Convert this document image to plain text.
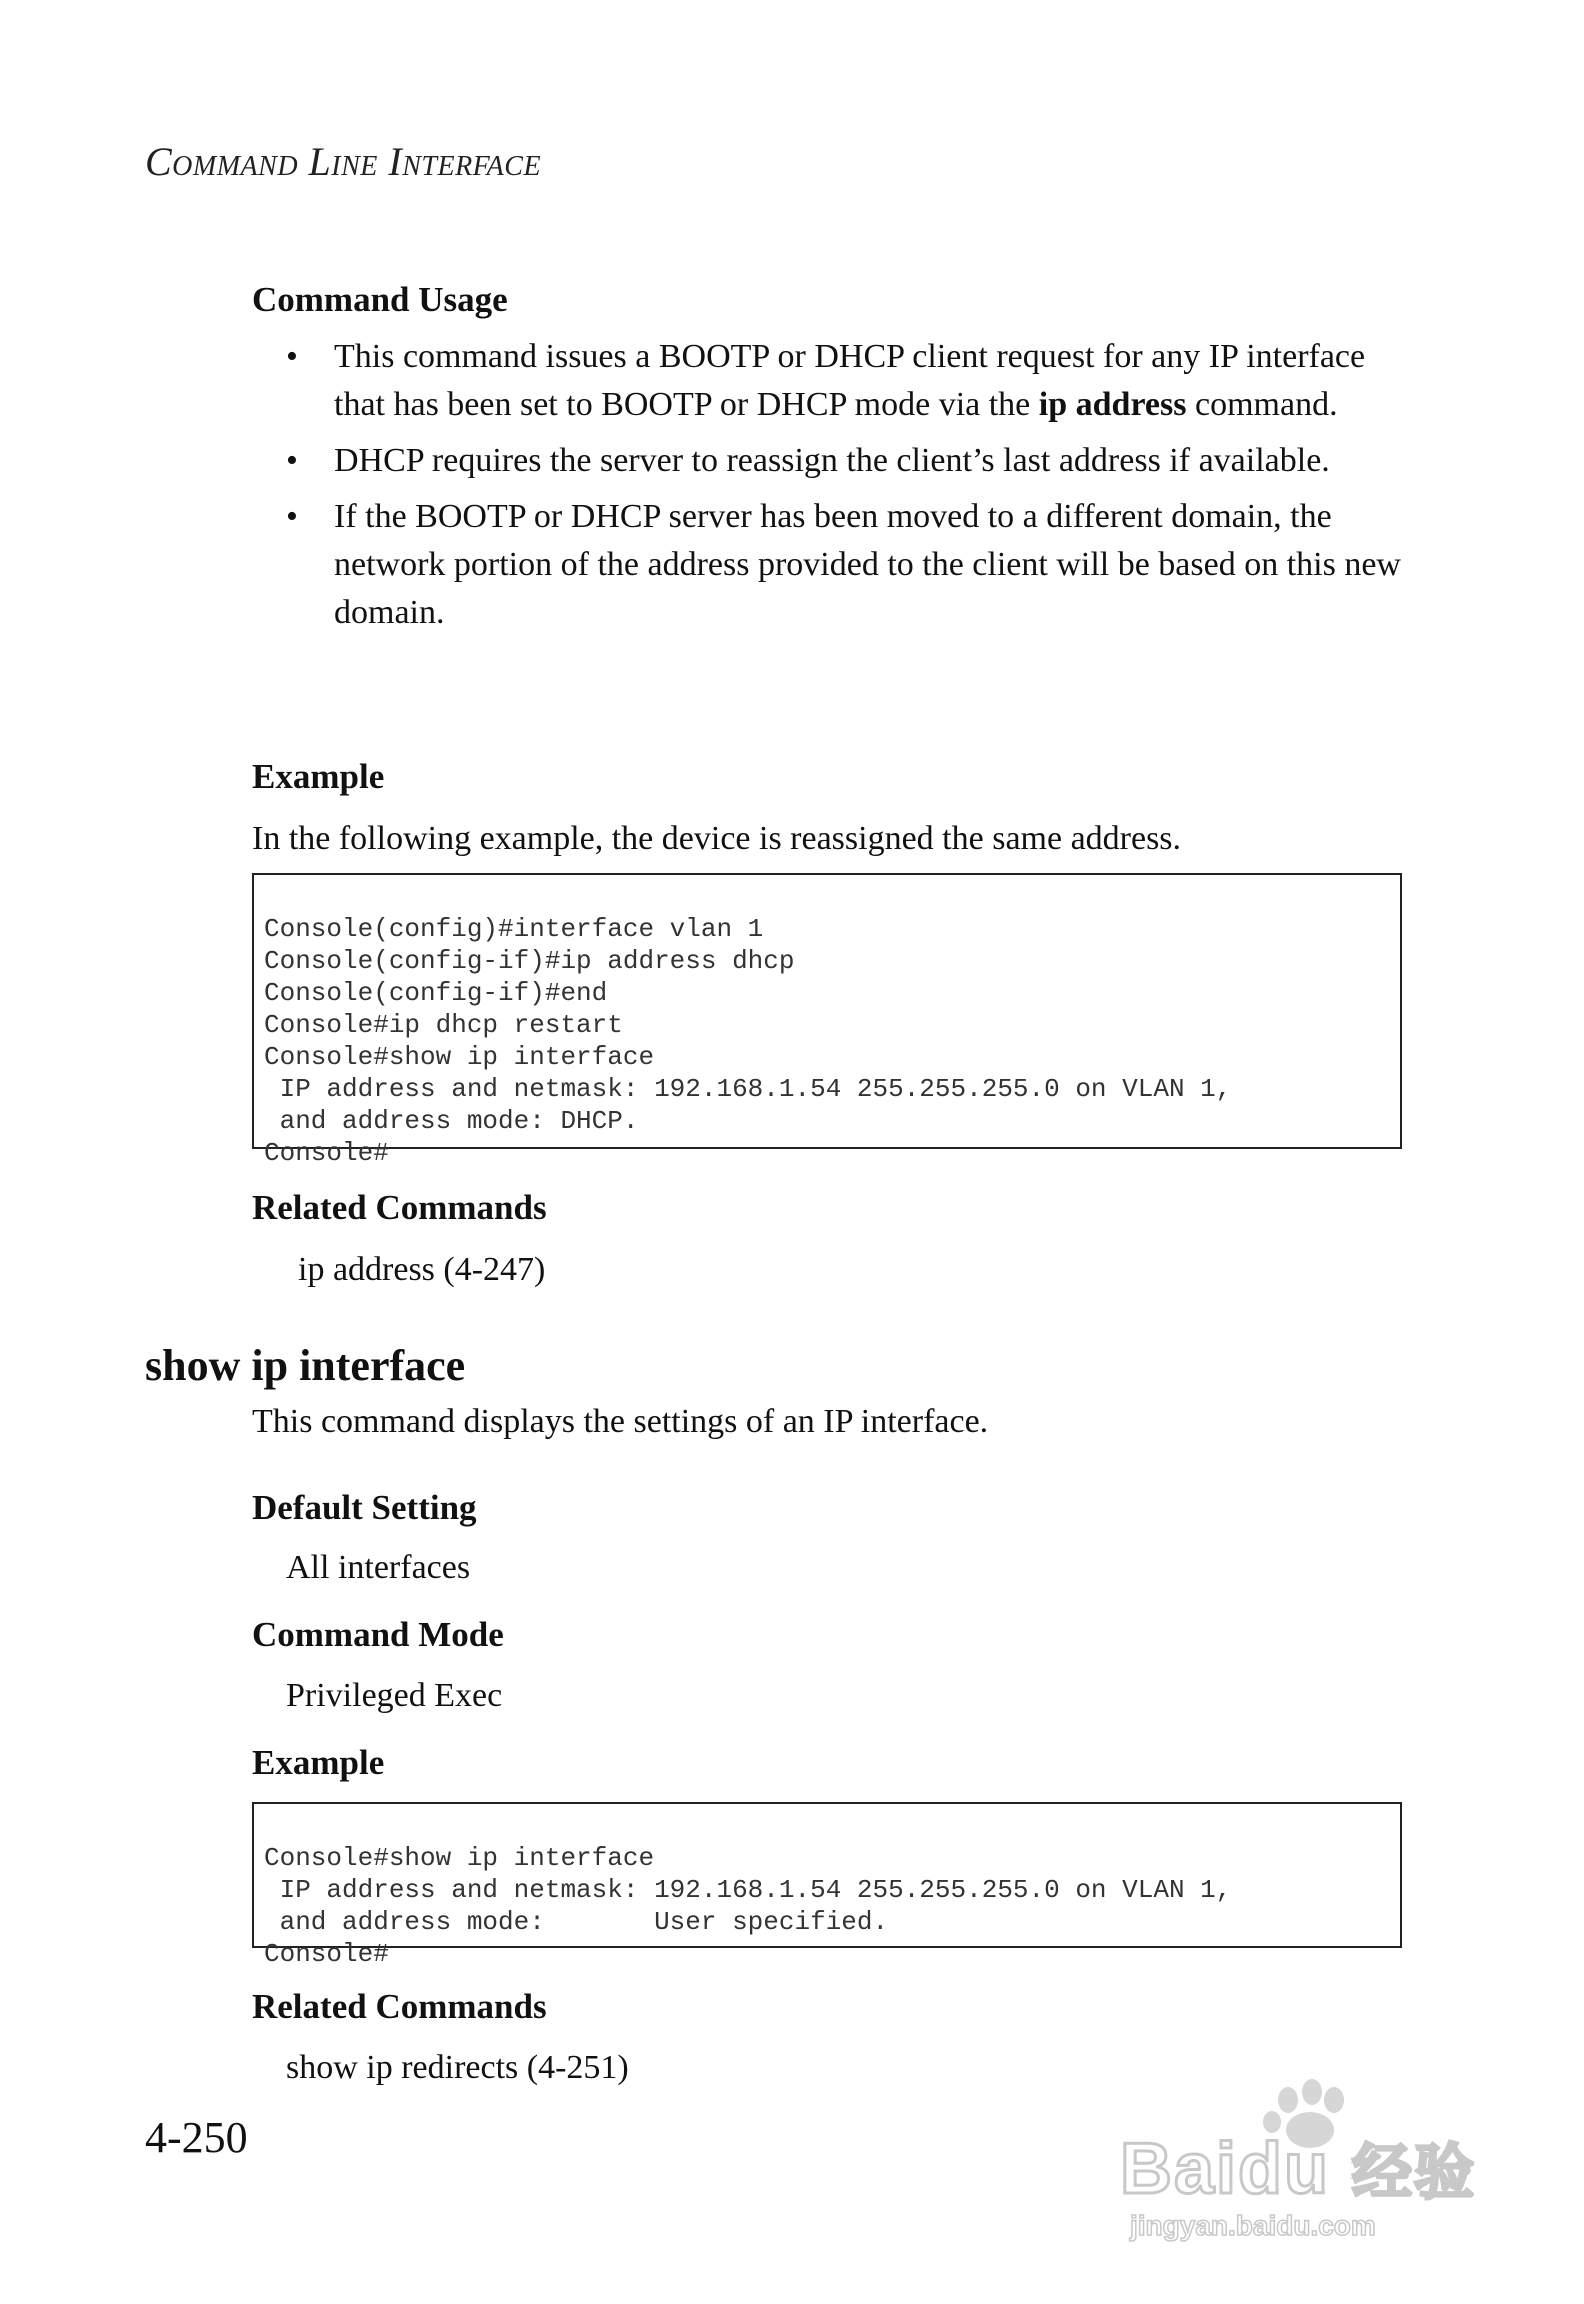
Command Line Interface
Command Usage
• This command issues a BOOTP or DHCP client request for any IP interface that has been set to BOOTP or DHCP mode via the ip address command.
• DHCP requires the server to reassign the client’s last address if available.
• If the BOOTP or DHCP server has been moved to a different domain, the network portion of the address provided to the client will be based on this new domain.
Example
In the following example, the device is reassigned the same address.

Console(config)#interface vlan 1
Console(config-if)#ip address dhcp
Console(config-if)#end
Console#ip dhcp restart
Console#show ip interface
IP address and netmask: 192.168.1.54 255.255.255.0 on VLAN 1,
and address mode: DHCP.
Console#

Related Commands
ip address (4-247)
show ip interface
This command displays the settings of an IP interface.
Default Setting
All interfaces
Command Mode
Privileged Exec
Example

Console#show ip interface
IP address and netmask: 192.168.1.54 255.255.255.0 on VLAN 1,
and address mode:       User specified.
Console#

Related Commands
show ip redirects (4-251)
4-250	Baidu 经验
jingyan.baidu.com
